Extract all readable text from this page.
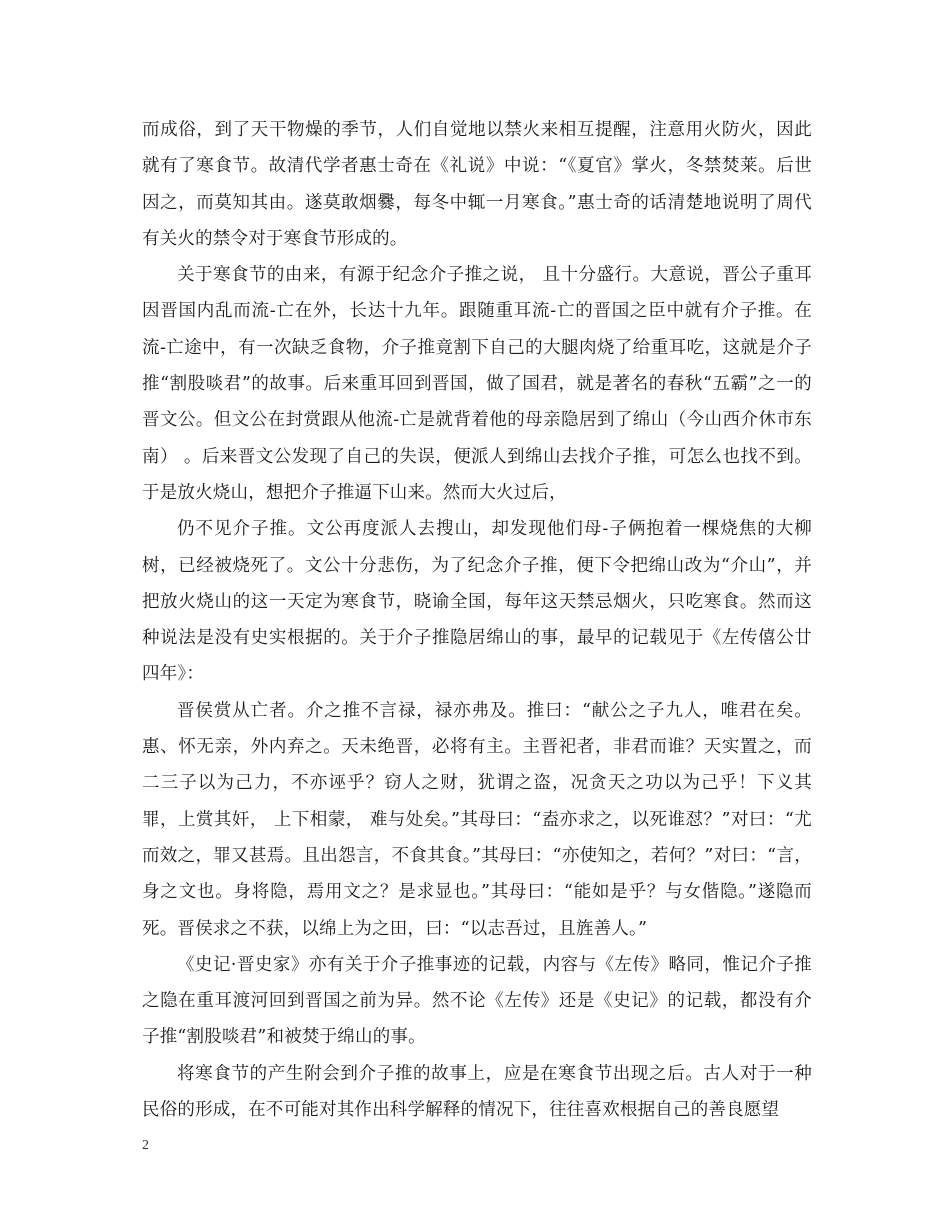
而成俗，到了天干物燥的季节，人们自觉地以禁火来相互提醒，注意用火防火，因此就有了寒食节。故清代学者惠士奇在《礼说》中说：“《夏官》掌火，冬禁焚莱。后世因之，而莫知其由。遂莫敢烟爨，每冬中辄一月寒食。”惠士奇的话清楚地说明了周代有关火的禁令对于寒食节形成的。

关于寒食节的由来，有源于纪念介子推之说， 且十分盛行。大意说，晋公子重耳因晋国内乱而流-亡在外，长达十九年。跟随重耳流-亡的晋国之臣中就有介子推。在流-亡途中，有一次缺乏食物，介子推竟割下自己的大腿肉烧了给重耳吃，这就是介子推“割股啖君”的故事。后来重耳回到晋国，做了国君，就是著名的春秋“五霸”之一的晋文公。但文公在封赏跟从他流-亡是就背着他的母亲隐居到了绵山（今山西介休市东南） 。后来晋文公发现了自己的失误，便派人到绵山去找介子推，可怎么也找不到。于是放火烧山，想把介子推逼下山来。然而大火过后，

仍不见介子推。文公再度派人去搜山，却发现他们母-子俩抱着一棵烧焦的大柳树，已经被烧死了。文公十分悲伤，为了纪念介子推，便下令把绵山改为“介山”，并把放火烧山的这一天定为寒食节，晓谕全国，每年这天禁忌烟火，只吃寒食。然而这种说法是没有史实根据的。关于介子推隐居绵山的事，最早的记载见于《左传僖公廿四年》：

晋侯赏从亡者。介之推不言禄，禄亦弗及。推曰：“献公之子九人，唯君在矣。惠、怀无亲，外内弃之。天未绝晋，必将有主。主晋祀者，非君而谁？天实置之，而二三子以为己力，不亦诬乎？窃人之财，犹谓之盗，况贪天之功以为己乎！下义其罪，上赏其奸， 上下相蒙， 难与处矣。”其母曰：“盍亦求之，以死谁怼？”对曰：“尤而效之，罪又甚焉。且出怨言，不食其食。”其母曰：“亦使知之，若何？”对曰：“言，身之文也。身将隐，焉用文之？是求显也。”其母曰：“能如是乎？与女偕隐。”遂隐而死。晋侯求之不获，以绵上为之田，曰：“以志吾过，且旌善人。”

《史记·晋史家》亦有关于介子推事迹的记载，内容与《左传》略同，惟记介子推之隐在重耳渡河回到晋国之前为异。然不论《左传》还是《史记》的记载，都没有介子推“割股啖君”和被焚于绵山的事。

将寒食节的产生附会到介子推的故事上，应是在寒食节出现之后。古人对于一种民俗的形成，在不可能对其作出科学解释的情况下，往往喜欢根据自己的善良愿望

2
